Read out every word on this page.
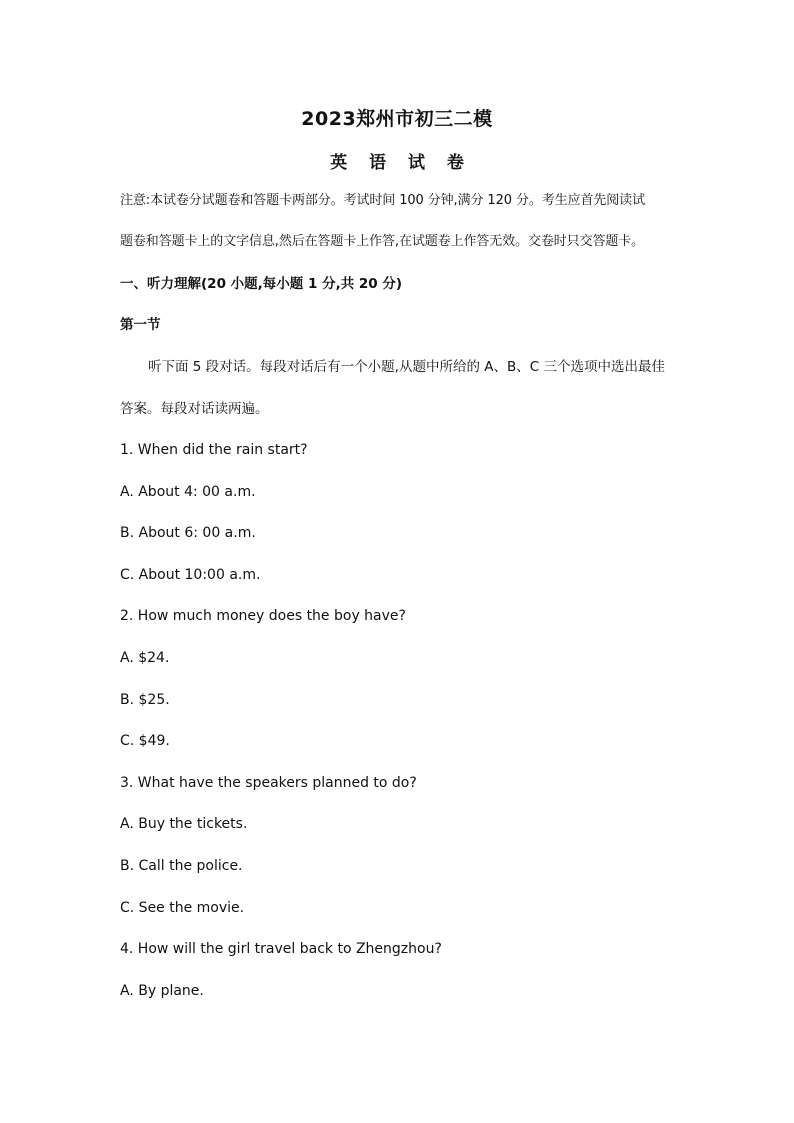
2023郑州市初三二模
英 语 试 卷

注意:本试卷分试题卷和答题卡两部分。考试时间 100 分钟,满分 120 分。考生应首先阅读试

题卷和答题卡上的文字信息,然后在答题卡上作答,在试题卷上作答无效。交卷时只交答题卡。

一、听力理解(20 小题,每小题 1 分,共 20 分)

第一节

听下面 5 段对话。每段对话后有一个小题,从题中所给的 A、B、C 三个选项中选出最佳

答案。每段对话读两遍。

1. When did the rain start?

A. About 4: 00 a.m.

B. About 6: 00 a.m.

C. About 10:00 a.m.

2. How much money does the boy have?

A. $24.

B. $25.

C. $49.

3. What have the speakers planned to do?

A. Buy the tickets.

B. Call the police.

C. See the movie.

4. How will the girl travel back to Zhengzhou?

A. By plane.
